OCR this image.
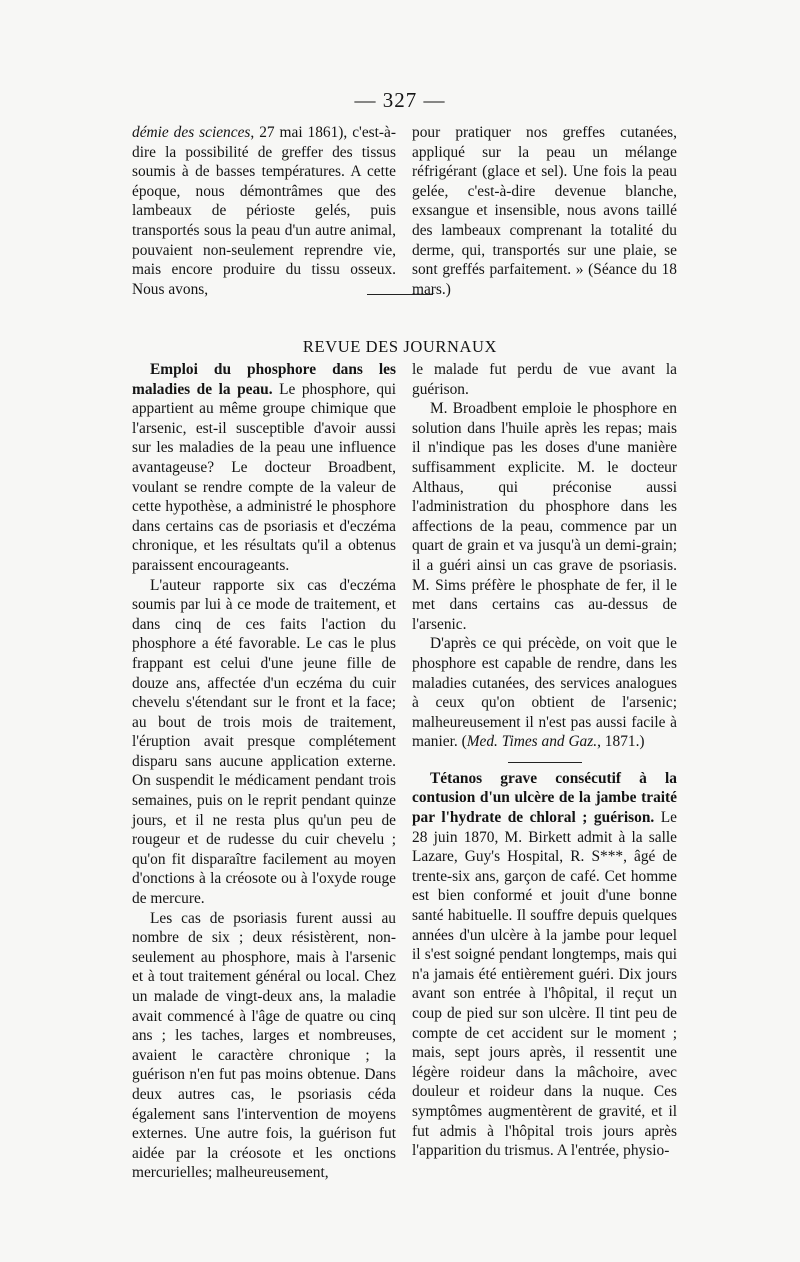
— 327 —

démie des sciences, 27 mai 1861), c'est-à-dire la possibilité de greffer des tissus soumis à de basses températures. A cette époque, nous démontrâmes que des lambeaux de périoste gelés, puis transportés sous la peau d'un autre animal, pouvaient non-seulement reprendre vie, mais encore produire du tissu osseux. Nous avons,

pour pratiquer nos greffes cutanées, appliqué sur la peau un mélange réfrigérant (glace et sel). Une fois la peau gelée, c'est-à-dire devenue blanche, exsangue et insensible, nous avons taillé des lambeaux comprenant la totalité du derme, qui, transportés sur une plaie, se sont greffés parfaitement. » (Séance du 18 mars.)

REVUE DES JOURNAUX

Emploi du phosphore dans les maladies de la peau. Le phosphore, qui appartient au même groupe chimique que l'arsenic, est-il susceptible d'avoir aussi sur les maladies de la peau une influence avantageuse? Le docteur Broadbent, voulant se rendre compte de la valeur de cette hypothèse, a administré le phosphore dans certains cas de psoriasis et d'eczéma chronique, et les résultats qu'il a obtenus paraissent encourageants.

L'auteur rapporte six cas d'eczéma soumis par lui à ce mode de traitement, et dans cinq de ces faits l'action du phosphore a été favorable. Le cas le plus frappant est celui d'une jeune fille de douze ans, affectée d'un eczéma du cuir chevelu s'étendant sur le front et la face; au bout de trois mois de traitement, l'éruption avait presque complétement disparu sans aucune application externe. On suspendit le médicament pendant trois semaines, puis on le reprit pendant quinze jours, et il ne resta plus qu'un peu de rougeur et de rudesse du cuir chevelu ; qu'on fit disparaître facilement au moyen d'onctions à la créosote ou à l'oxyde rouge de mercure.

Les cas de psoriasis furent aussi au nombre de six ; deux résistèrent, non-seulement au phosphore, mais à l'arsenic et à tout traitement général ou local. Chez un malade de vingt-deux ans, la maladie avait commencé à l'âge de quatre ou cinq ans ; les taches, larges et nombreuses, avaient le caractère chronique ; la guérison n'en fut pas moins obtenue. Dans deux autres cas, le psoriasis céda également sans l'intervention de moyens externes. Une autre fois, la guérison fut aidée par la créosote et les onctions mercurielles; malheureusement,

le malade fut perdu de vue avant la guérison.

M. Broadbent emploie le phosphore en solution dans l'huile après les repas; mais il n'indique pas les doses d'une manière suffisamment explicite. M. le docteur Althaus, qui préconise aussi l'administration du phosphore dans les affections de la peau, commence par un quart de grain et va jusqu'à un demi-grain; il a guéri ainsi un cas grave de psoriasis. M. Sims préfère le phosphate de fer, il le met dans certains cas au-dessus de l'arsenic.

D'après ce qui précède, on voit que le phosphore est capable de rendre, dans les maladies cutanées, des services analogues à ceux qu'on obtient de l'arsenic; malheureusement il n'est pas aussi facile à manier. (Med. Times and Gaz., 1871.)

Tétanos grave consécutif à la contusion d'un ulcère de la jambe traité par l'hydrate de chloral ; guérison. Le 28 juin 1870, M. Birkett admit à la salle Lazare, Guy's Hospital, R. S***, âgé de trente-six ans, garçon de café. Cet homme est bien conformé et jouit d'une bonne santé habituelle. Il souffre depuis quelques années d'un ulcère à la jambe pour lequel il s'est soigné pendant longtemps, mais qui n'a jamais été entièrement guéri. Dix jours avant son entrée à l'hôpital, il reçut un coup de pied sur son ulcère. Il tint peu de compte de cet accident sur le moment ; mais, sept jours après, il ressentit une légère roideur dans la mâchoire, avec douleur et roideur dans la nuque. Ces symptômes augmentèrent de gravité, et il fut admis à l'hôpital trois jours après l'apparition du trismus. A l'entrée, physio-
